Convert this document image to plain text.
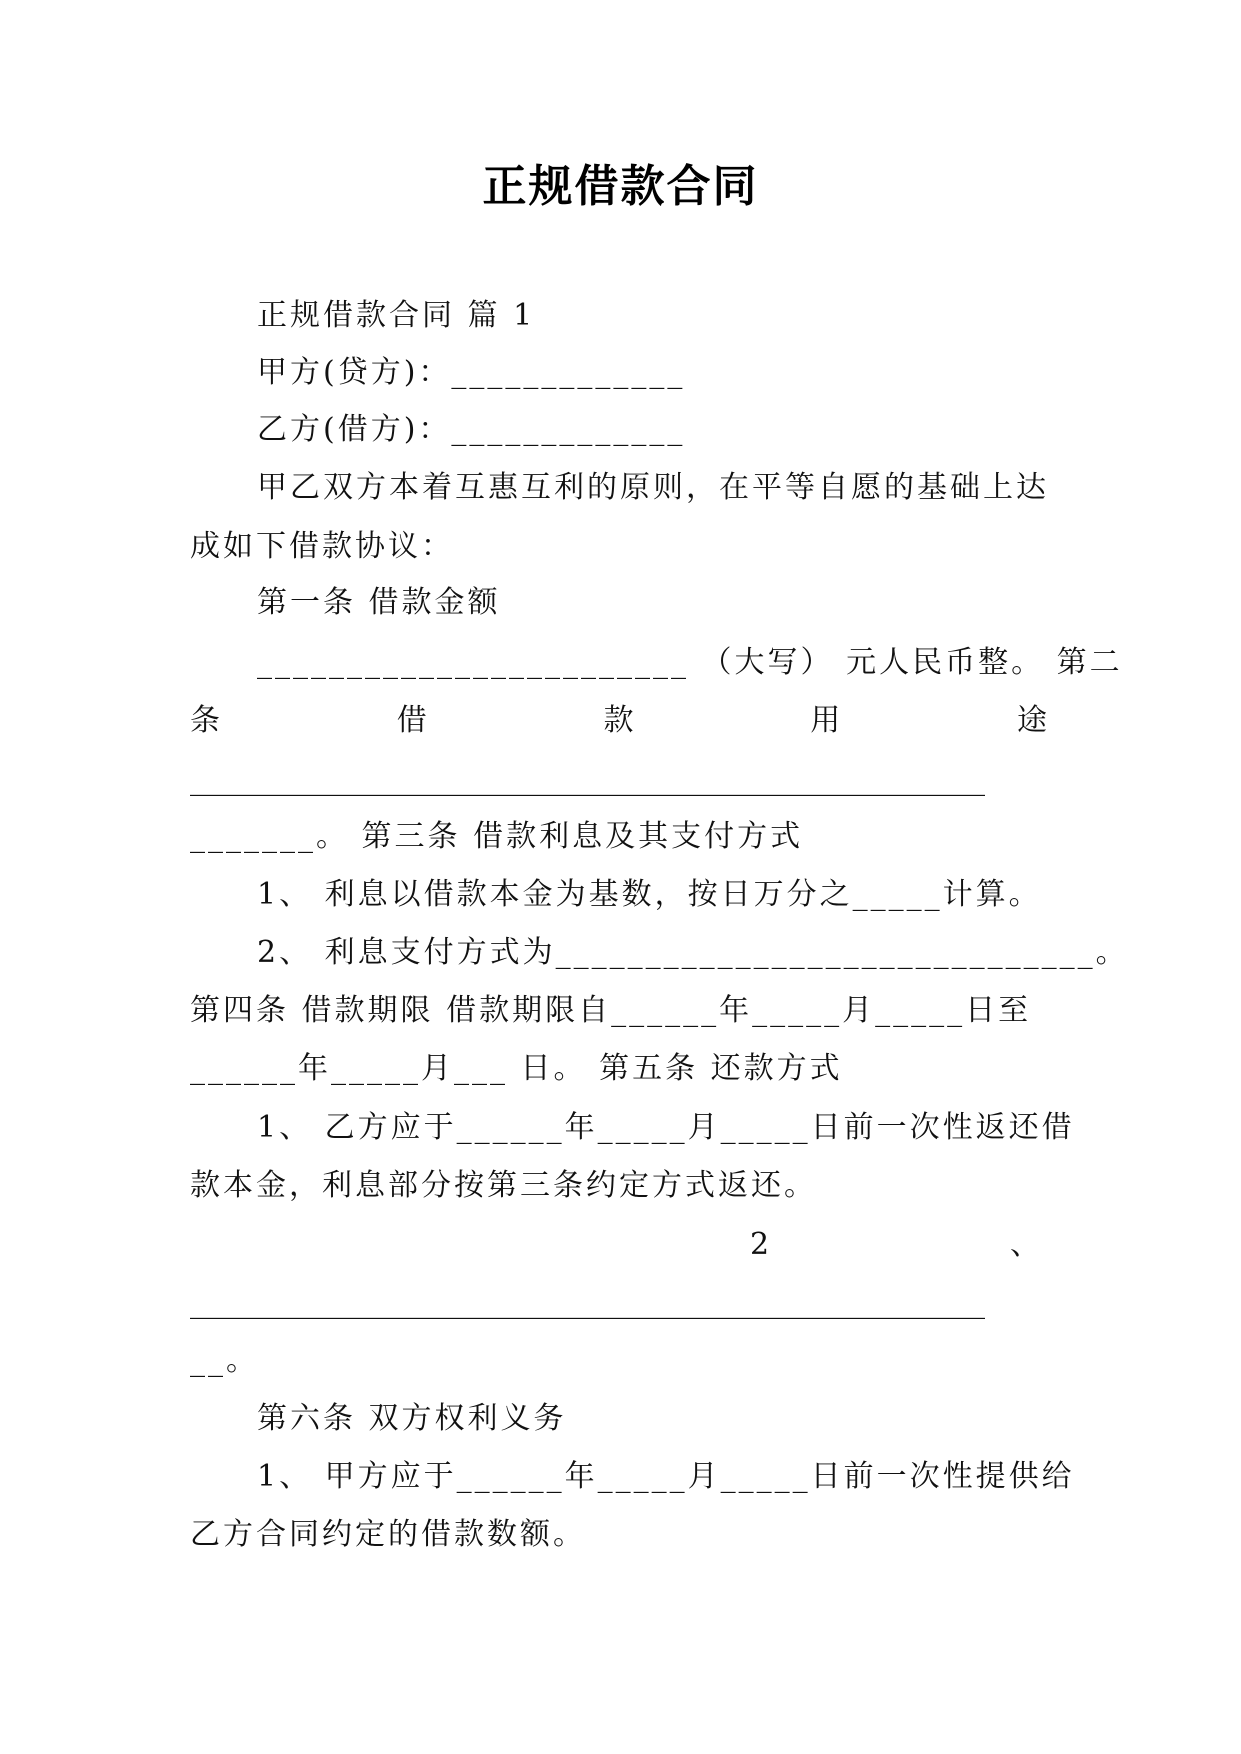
正规借款合同
正规借款合同 篇 1
甲方(贷方)：_____________
乙方(借方)：_____________
甲乙双方本着互惠互利的原则，在平等自愿的基础上达
成如下借款协议：
第一条 借款金额
________________________ （大写） 元人民币整。 第二
条	借	款	用	途
_____________________________________________________
_______。 第三条 借款利息及其支付方式
1、 利息以借款本金为基数，按日万分之_____计算。
2、 利息支付方式为______________________________。
第四条 借款期限 借款期限自______年_____月_____日至
______年_____月___ 日。 第五条 还款方式
1、 乙方应于______年_____月_____日前一次性返还借
款本金，利息部分按第三条约定方式返还。
2	、
_____________________________________________________
__。
第六条 双方权利义务
1、 甲方应于______年_____月_____日前一次性提供给
乙方合同约定的借款数额。
